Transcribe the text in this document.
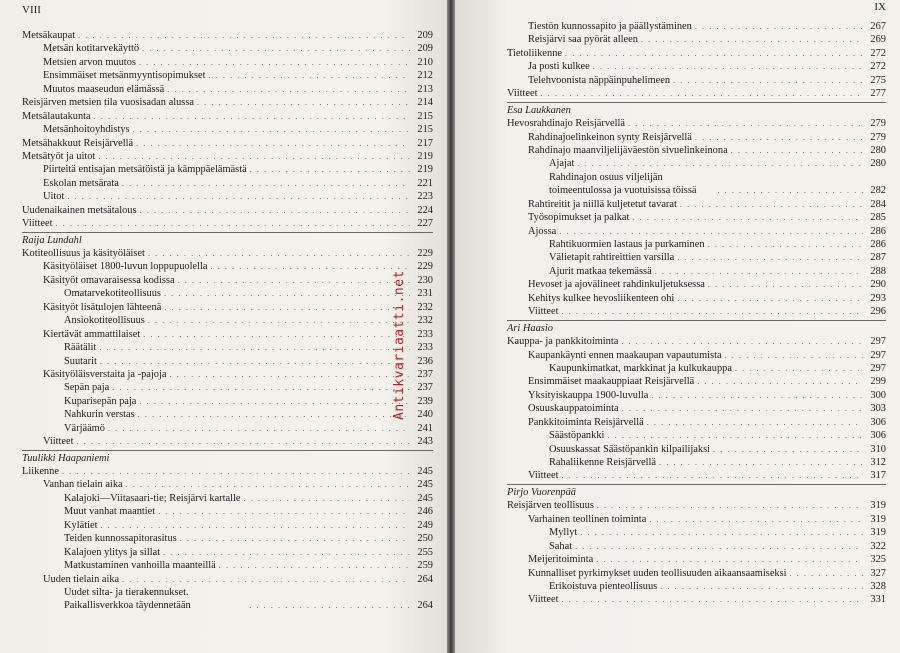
VIII
Metsäkaupat . . .	209
Metsän kotitarvekäyttö . . .	209
Metsien arvon muutos . . .	210
Ensimmäiset metsänmyyntisopimukset . . .	212
Muutos maaseudun elämässä . . .	213
Reisjärven metsien tila vuosisadan alussa . . .	214
Metsälautakunta . . .	215
Metsänhoitoyhdistys . . .	215
Metsähakkuut Reisjärvellä . . .	217
Metsätyöt ja uitot . . .	219
Piirteitä entisajan metsätöistä ja kämppäelämästä . . .	219
Eskolan metsärata . . .	221
Uitot . . .	223
Uudenaikainen metsätalous . . .	224
Viitteet . . .	227
Raija Lundahl
Kotiteollisuus ja käsityöläiset . . .	229
Käsityöläiset 1800-luvun loppupuolella . . .	229
Käsityöt omavaraisessa kodissa . . .	230
Omatarvekotiteollisuus . . .	231
Käsityöt lisätulojen lähteenä . . .	232
Ansiokotiteollisuus . . .	232
Kiertävät ammattilaiset . . .	233
Räätälit . . .	233
Suutarit . . .	236
Käsityöläisverstaita ja -pajoja . . .	237
Sepän paja . . .	237
Kuparisepän paja . . .	239
Nahkurin verstas . . .	240
Värjäämö . . .	241
Viitteet . . .	243
Tuulikki Haapaniemi
Liikenne . . .	245
Vanhan tielain aika . . .	245
Kalajoki—Viitasaari-tie; Reisjärvi kartalle . . .	245
Muut vanhat maantiet . . .	246
Kylätiet . . .	249
Teiden kunnossapitorasitus . . .	250
Kalajoen ylitys ja sillat . . .	255
Matkustaminen vanhoilla maanteillä . . .	259
Uuden tielain aika . . .	264
Uudet silta- ja tierakennukset. Paikallisverkkoa täydennetään . . .	264
Antikvariaatti.net
IX
Tiestön kunnossapito ja päällystäminen . . .	267
Reisjärvi saa pyörät alleen . . .	269
Tietoliikenne . . .	272
Ja posti kulkee . . .	272
Telehvoonista näppäinpuhelimeen . . .	275
Viitteet . . .	277
Esa Laukkanen
Hevosrahdinajo Reisjärvellä . . .	279
Rahdinajoelinkeinon synty Reisjärvellä . . .	279
Rahdinajo maanviljelijäväestön sivuelinkeinona . . .	280
Ajajat . . .	280
Rahdinajon osuus viljelijän toimeentulossa ja vuotuisissa töissä . . .	282
Rahtireitit ja niillä kuljetetut tavarat . . .	284
Työsopimukset ja palkat . . .	285
Ajossa . . .	286
Rahtikuormien lastaus ja purkaminen . . .	286
Välietapit rahtireittien varsilla . . .	287
Ajurit matkaa tekemässä . . .	288
Hevoset ja ajovälineet rahdinkuljetuksessa . . .	290
Kehitys kulkee hevosliikenteen ohi . . .	293
Viitteet . . .	296
Ari Haasio
Kauppa- ja pankkitoiminta . . .	297
Kaupankäynti ennen maakaupan vapautumista . . .	297
Kaupunkimatkat, markkinat ja kulkukauppa . . .	297
Ensimmäiset maakauppiaat Reisjärvellä . . .	299
Yksityiskauppa 1900-luvulla . . .	300
Osuuskauppatoiminta . . .	303
Pankkitoiminta Reisjärvellä . . .	306
Säästöpankki . . .	306
Osuuskassat Säästöpankin kilpailijaksi . . .	310
Rahaliikenne Reisjärvellä . . .	312
Viitteet . . .	317
Pirjo Vuorenpää
Reisjärven teollisuus . . .	319
Varhainen teollinen toiminta . . .	319
Myllyt . . .	319
Sahat . . .	322
Meijeritoiminta . . .	325
Kunnalliset pyrkimykset uuden teollisuuden aikaansaamiseksi . . .	327
Erikoistuva pienteollisuus . . .	328
Viitteet . . .	331
